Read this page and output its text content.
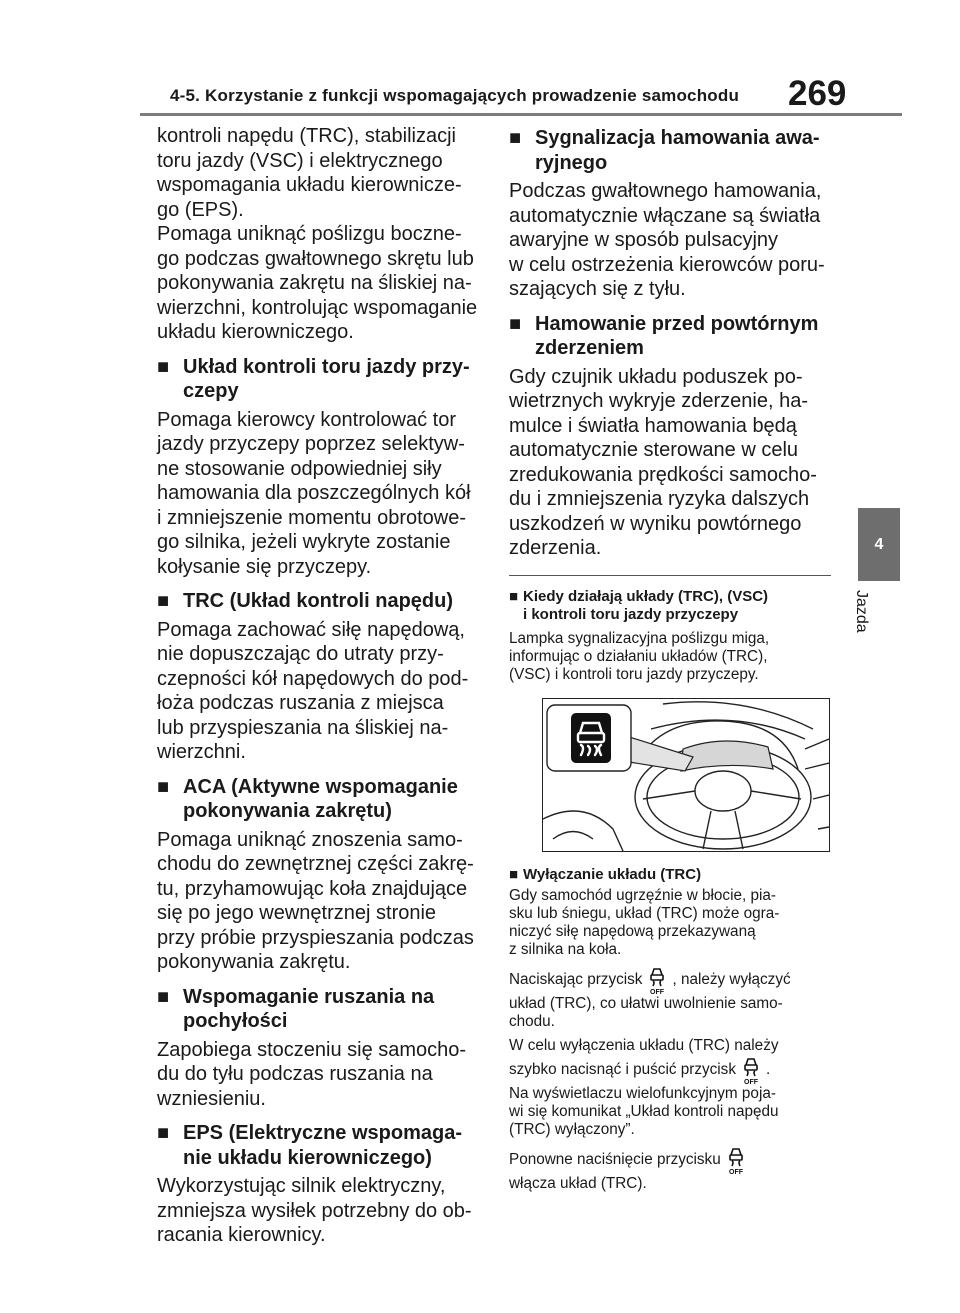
4-5. Korzystanie z funkcji wspomagających prowadzenie samochodu 269
4
Jazda

kontroli napędu (TRC), stabilizacji
toru jazdy (VSC) i elektrycznego
wspomagania układu kierownicze-
go (EPS).
Pomaga uniknąć poślizgu boczne-
go podczas gwałtownego skrętu lub
pokonywania zakrętu na śliskiej na-
wierzchni, kontrolując wspomaganie
układu kierowniczego.

■ Układ kontroli toru jazdy przy-
czepy

Pomaga kierowcy kontrolować tor
jazdy przyczepy poprzez selektyw-
ne stosowanie odpowiedniej siły
hamowania dla poszczególnych kół
i zmniejszenie momentu obrotowe-
go silnika, jeżeli wykryte zostanie
kołysanie się przyczepy.

■ TRC (Układ kontroli napędu)

Pomaga zachować siłę napędową,
nie dopuszczając do utraty przy-
czepności kół napędowych do pod-
łoża podczas ruszania z miejsca
lub przyspieszania na śliskiej na-
wierzchni.

■ ACA (Aktywne wspomaganie
pokonywania zakrętu)

Pomaga uniknąć znoszenia samo-
chodu do zewnętrznej części zakrę-
tu, przyhamowując koła znajdujące
się po jego wewnętrznej stronie
przy próbie przyspieszania podczas
pokonywania zakrętu.

■ Wspomaganie ruszania na
pochyłości

Zapobiega stoczeniu się samocho-
du do tyłu podczas ruszania na
wzniesieniu.

■ EPS (Elektryczne wspomaga-
nie układu kierowniczego)

Wykorzystując silnik elektryczny,
zmniejsza wysiłek potrzebny do ob-
racania kierownicy.

■ Sygnalizacja hamowania awa-
ryjnego

Podczas gwałtownego hamowania,
automatycznie włączane są światła
awaryjne w sposób pulsacyjny
w celu ostrzeżenia kierowców poru-
szających się z tyłu.

■ Hamowanie przed powtórnym
zderzeniem

Gdy czujnik układu poduszek po-
wietrznych wykryje zderzenie, ha-
mulce i światła hamowania będą
automatycznie sterowane w celu
zredukowania prędkości samocho-
du i zmniejszenia ryzyka dalszych
uszkodzeń w wyniku powtórnego
zderzenia.

■ Kiedy działają układy (TRC), (VSC)
i kontroli toru jazdy przyczepy

Lampka sygnalizacyjna poślizgu miga,
informując o działaniu układów (TRC),
(VSC) i kontroli toru jazdy przyczepy.

■ Wyłączanie układu (TRC)

Gdy samochód ugrzęźnie w błocie, pia-
sku lub śniegu, układ (TRC) może ogra-
niczyć siłę napędową przekazywaną
z silnika na koła.

Naciskając przycisk
OFF
, należy wyłączyć
układ (TRC), co ułatwi uwolnienie samo-
chodu.

W celu wyłączenia układu (TRC) należy
szybko nacisnąć i puścić przycisk
OFF
.
Na wyświetlaczu wielofunkcyjnym poja-
wi się komunikat „Układ kontroli napędu
(TRC) wyłączony”.

Ponowne naciśnięcie przycisku
OFF

włącza układ (TRC).
